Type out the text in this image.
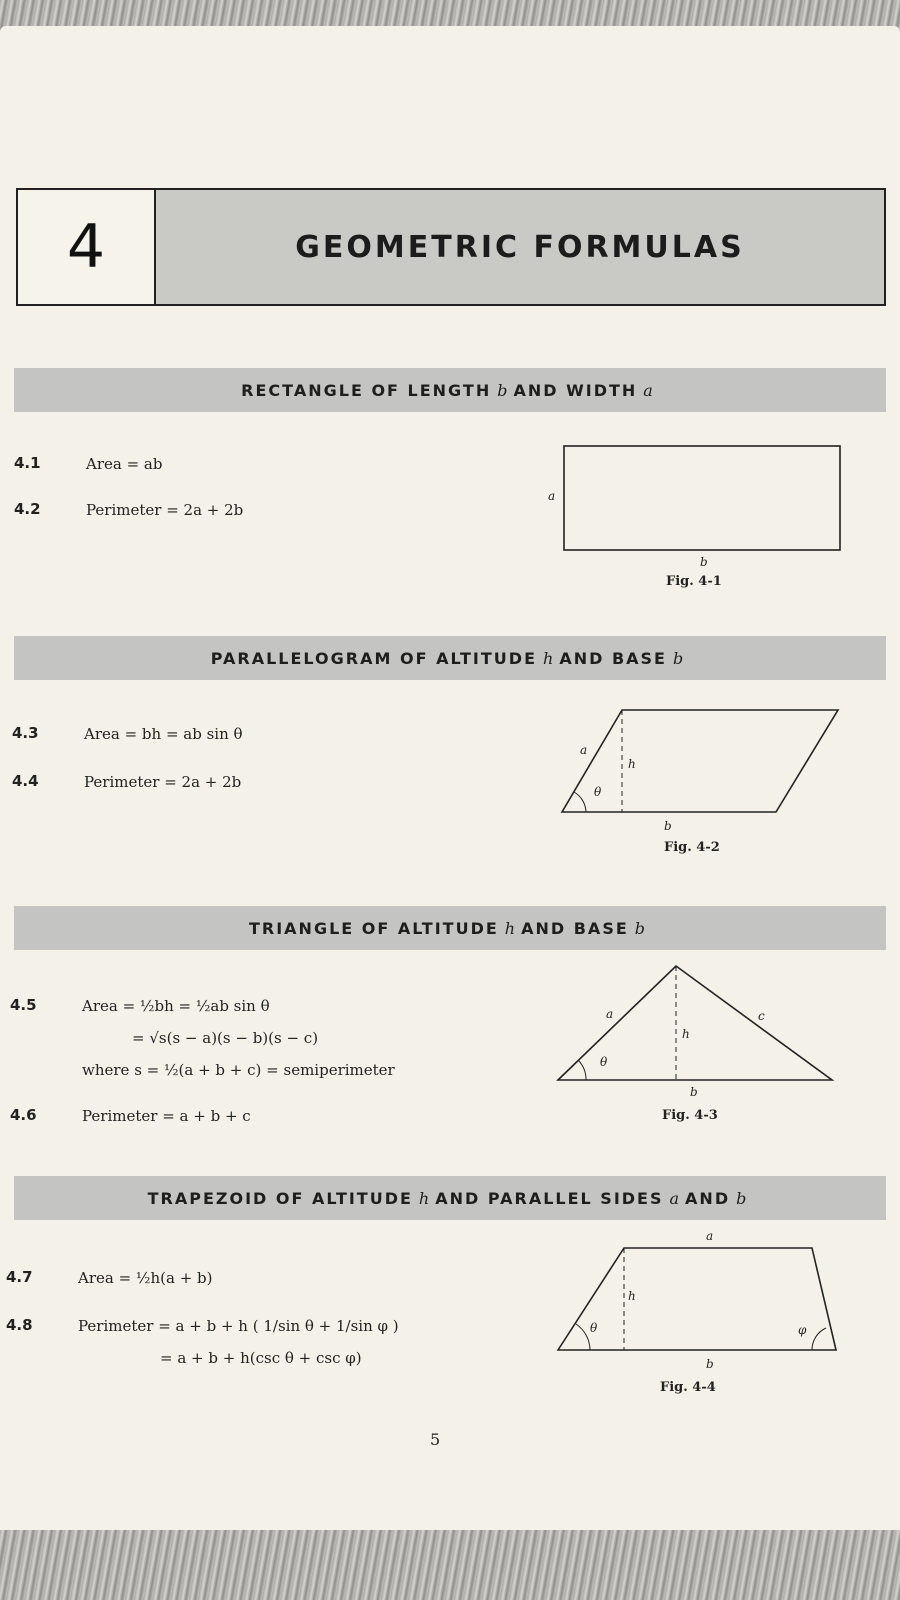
4	GEOMETRIC FORMULAS
RECTANGLE OF LENGTH b AND WIDTH a
4.1	Area = ab
4.2	Perimeter = 2a + 2b
a
b
Fig. 4-1
PARALLELOGRAM OF ALTITUDE h AND BASE b
4.3	Area = bh = ab sin θ
4.4	Perimeter = 2a + 2b
a
h
θ
b
Fig. 4-2
TRIANGLE OF ALTITUDE h AND BASE b
4.5	Area = ½bh = ½ab sin θ
= √s(s − a)(s − b)(s − c)
where s = ½(a + b + c) = semiperimeter
4.6	Perimeter = a + b + c
a
h
c
θ
b
Fig. 4-3
TRAPEZOID OF ALTITUDE h AND PARALLEL SIDES a AND b
4.7	Area = ½h(a + b)
4.8	Perimeter = a + b + h ( 1/sin θ + 1/sin φ )
= a + b + h(csc θ + csc φ)
a
h
θ	φ
b
Fig. 4-4
5
